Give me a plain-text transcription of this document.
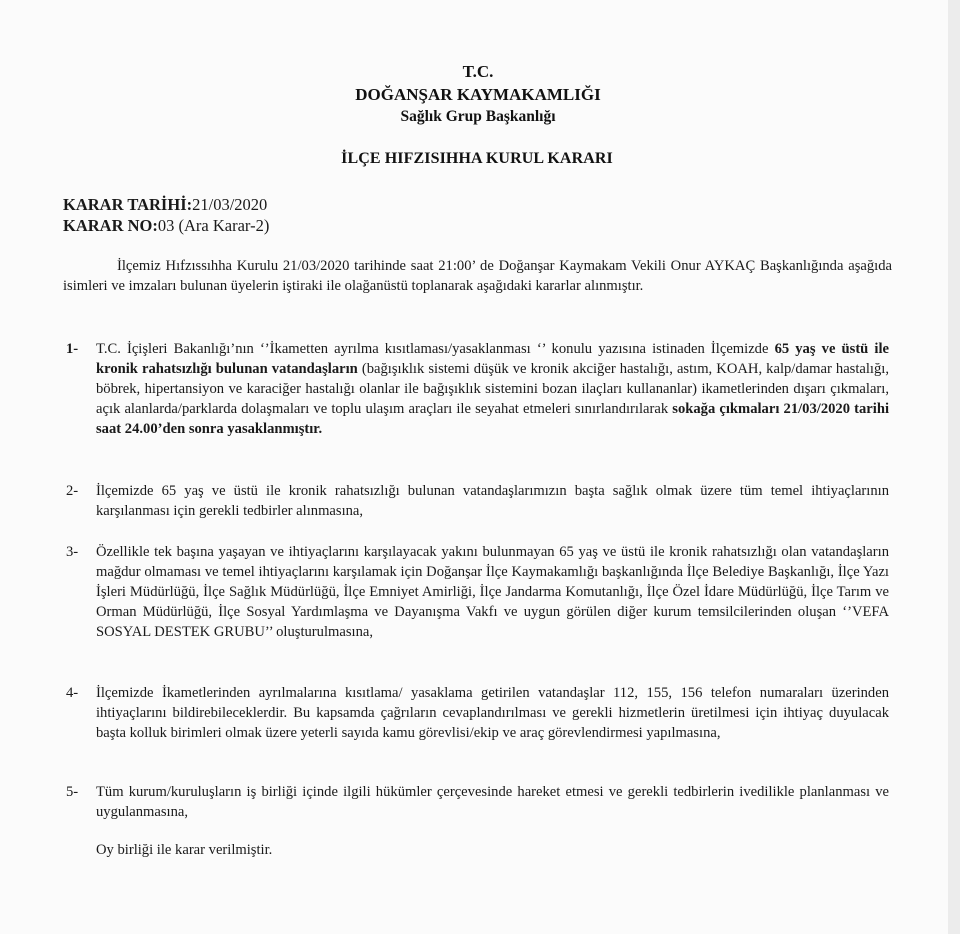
T.C.
DOĞANŞAR KAYMAKAMLIĞI
Sağlık Grup Başkanlığı
İLÇE HIFZISIHHA KURUL KARARI
KARAR TARİHİ:21/03/2020
KARAR NO:03 (Ara Karar-2)
İlçemiz Hıfzıssıhha Kurulu 21/03/2020 tarihinde saat 21:00’ de Doğanşar Kaymakam Vekili Onur AYKAÇ Başkanlığında aşağıda isimleri ve imzaları bulunan üyelerin iştiraki ile olağanüstü toplanarak aşağıdaki kararlar alınmıştır.
1- T.C. İçişleri Bakanlığı’nın ‘’İkametten ayrılma kısıtlaması/yasaklanması ‘’ konulu yazısına istinaden İlçemizde 65 yaş ve üstü ile kronik rahatsızlığı bulunan vatandaşların (bağışıklık sistemi düşük ve kronik akciğer hastalığı, astım, KOAH, kalp/damar hastalığı, böbrek, hipertansiyon ve karaciğer hastalığı olanlar ile bağışıklık sistemini bozan ilaçları kullananlar) ikametlerinden dışarı çıkmaları, açık alanlarda/parklarda dolaşmaları ve toplu ulaşım araçları ile seyahat etmeleri sınırlandırılarak sokağa çıkmaları 21/03/2020 tarihi saat 24.00’den sonra yasaklanmıştır.
2- İlçemizde 65 yaş ve üstü ile kronik rahatsızlığı bulunan vatandaşlarımızın başta sağlık olmak üzere tüm temel ihtiyaçlarının karşılanması için gerekli tedbirler alınmasına,
3- Özellikle tek başına yaşayan ve ihtiyaçlarını karşılayacak yakını bulunmayan 65 yaş ve üstü ile kronik rahatsızlığı olan vatandaşların mağdur olmaması ve temel ihtiyaçlarını karşılamak için Doğanşar İlçe Kaymakamlığı başkanlığında İlçe Belediye Başkanlığı, İlçe Yazı İşleri Müdürlüğü, İlçe Sağlık Müdürlüğü, İlçe Emniyet Amirliği, İlçe Jandarma Komutanlığı, İlçe Özel İdare Müdürlüğü, İlçe Tarım ve Orman Müdürlüğü, İlçe Sosyal Yardımlaşma ve Dayanışma Vakfı ve uygun görülen diğer kurum temsilcilerinden oluşan ‘’VEFA SOSYAL DESTEK GRUBU’’ oluşturulmasına,
4- İlçemizde İkametlerinden ayrılmalarına kısıtlama/ yasaklama getirilen vatandaşlar 112, 155, 156 telefon numaraları üzerinden ihtiyaçlarını bildirebileceklerdir. Bu kapsamda çağrıların cevaplandırılması ve gerekli hizmetlerin üretilmesi için ihtiyaç duyulacak başta kolluk birimleri olmak üzere yeterli sayıda kamu görevlisi/ekip ve araç görevlendirmesi yapılmasına,
5- Tüm kurum/kuruluşların iş birliği içinde ilgili hükümler çerçevesinde hareket etmesi ve gerekli tedbirlerin ivedilikle planlanması ve uygulanmasına,
Oy birliği ile karar verilmiştir.
